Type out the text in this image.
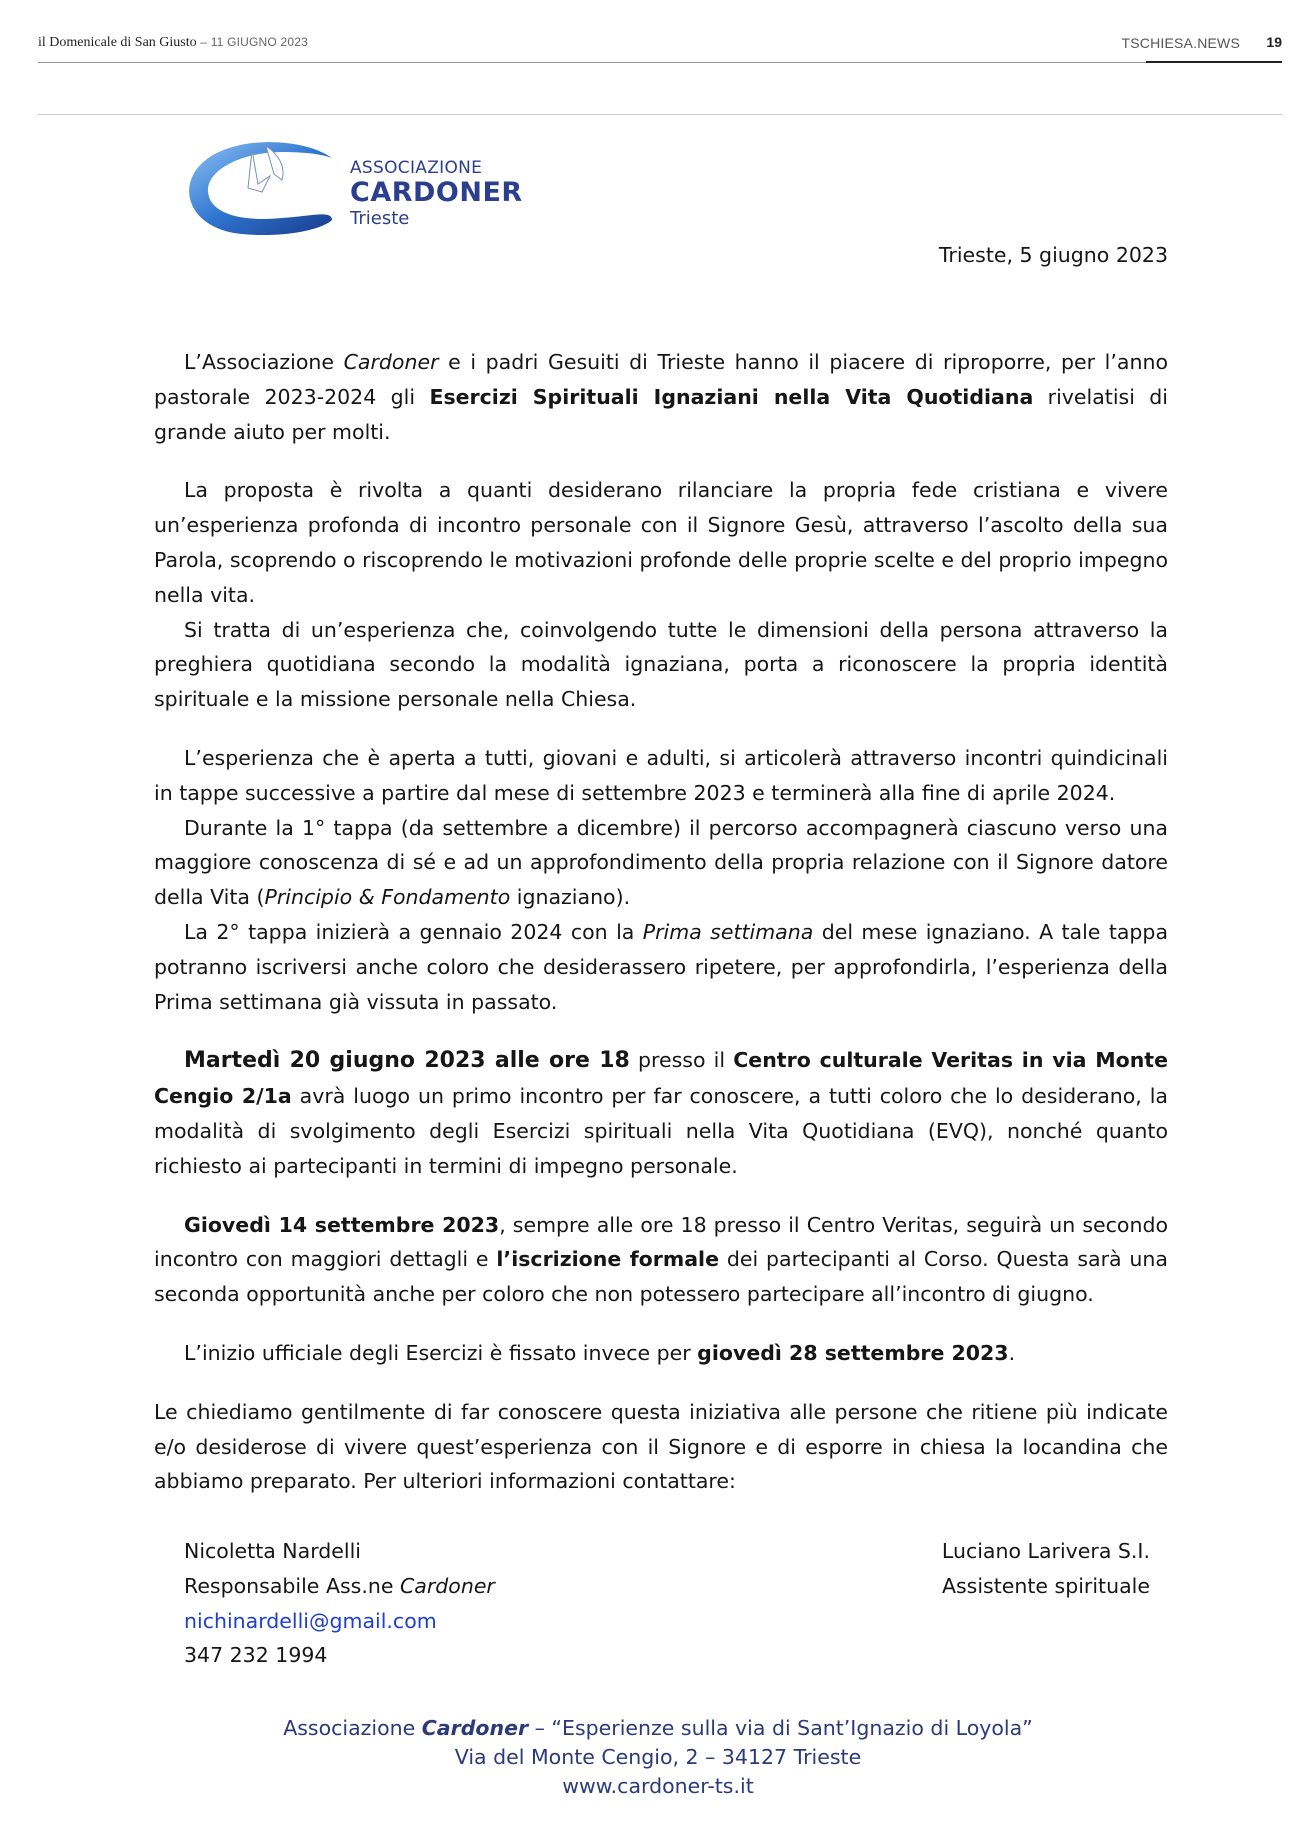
il Domenicale di San Giusto – 11 GIUGNO 2023	TSCHIESA.NEWS 19
ASSOCIAZIONE
CARDONER
Trieste
Trieste, 5 giugno 2023

L’Associazione Cardoner e i padri Gesuiti di Trieste hanno il piacere di riproporre, per l’anno pastorale 2023-2024 gli Esercizi Spirituali Ignaziani nella Vita Quotidiana rivelatisi di grande aiuto per molti.

La proposta è rivolta a quanti desiderano rilanciare la propria fede cristiana e vivere un’esperienza profonda di incontro personale con il Signore Gesù, attraverso l’ascolto della sua Parola, scoprendo o riscoprendo le motivazioni profonde delle proprie scelte e del proprio impegno nella vita.

Si tratta di un’esperienza che, coinvolgendo tutte le dimensioni della persona attraverso la preghiera quotidiana secondo la modalità ignaziana, porta a riconoscere la propria identità spirituale e la missione personale nella Chiesa.

L’esperienza che è aperta a tutti, giovani e adulti, si articolerà attraverso incontri quindicinali in tappe successive a partire dal mese di settembre 2023 e terminerà alla fine di aprile 2024.

Durante la 1° tappa (da settembre a dicembre) il percorso accompagnerà ciascuno verso una maggiore conoscenza di sé e ad un approfondimento della propria relazione con il Signore datore della Vita (Principio & Fondamento ignaziano).

La 2° tappa inizierà a gennaio 2024 con la Prima settimana del mese ignaziano. A tale tappa potranno iscriversi anche coloro che desiderassero ripetere, per approfondirla, l’esperienza della Prima settimana già vissuta in passato.

Martedì 20 giugno 2023 alle ore 18 presso il Centro culturale Veritas in via Monte Cengio 2/1a avrà luogo un primo incontro per far conoscere, a tutti coloro che lo desiderano, la modalità di svolgimento degli Esercizi spirituali nella Vita Quotidiana (EVQ), nonché quanto richiesto ai partecipanti in termini di impegno personale.

Giovedì 14 settembre 2023, sempre alle ore 18 presso il Centro Veritas, seguirà un secondo incontro con maggiori dettagli e l’iscrizione formale dei partecipanti al Corso. Questa sarà una seconda opportunità anche per coloro che non potessero partecipare all’incontro di giugno.

L’inizio ufficiale degli Esercizi è fissato invece per giovedì 28 settembre 2023.

Le chiediamo gentilmente di far conoscere questa iniziativa alle persone che ritiene più indicate e/o desiderose di vivere quest’esperienza con il Signore e di esporre in chiesa la locandina che abbiamo preparato. Per ulteriori informazioni contattare:

Nicoletta Nardelli
Responsabile Ass.ne Cardoner
nichinardelli@gmail.com
347 232 1994
Luciano Larivera S.I.
Assistente spirituale
Associazione Cardoner – “Esperienze sulla via di Sant’Ignazio di Loyola”
Via del Monte Cengio, 2 – 34127 Trieste
www.cardoner-ts.it
